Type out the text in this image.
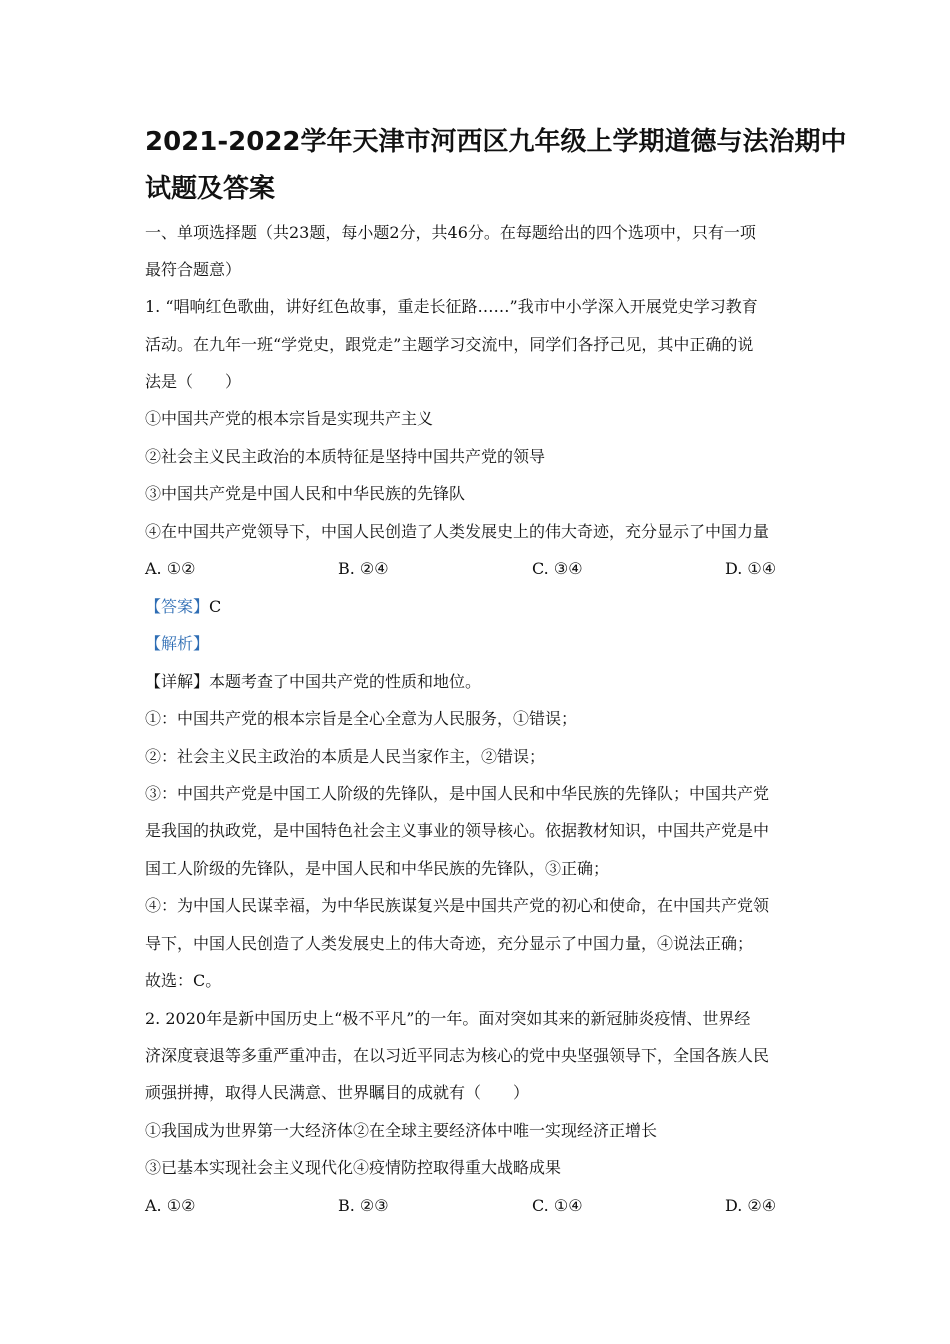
2021-2022学年天津市河西区九年级上学期道德与法治期中
试题及答案
一、单项选择题（共23题，每小题2分，共46分。在每题给出的四个选项中，只有一项
最符合题意）
1. “唱响红色歌曲，讲好红色故事，重走长征路……”我市中小学深入开展党史学习教育
活动。在九年一班“学党史，跟党走”主题学习交流中，同学们各抒己见，其中正确的说
法是（　　）
①中国共产党的根本宗旨是实现共产主义
②社会主义民主政治的本质特征是坚持中国共产党的领导
③中国共产党是中国人民和中华民族的先锋队
④在中国共产党领导下，中国人民创造了人类发展史上的伟大奇迹，充分显示了中国力量
A. ①②	B. ②④	C. ③④	D. ①④
【答案】C
【解析】
【详解】本题考查了中国共产党的性质和地位。
①：中国共产党的根本宗旨是全心全意为人民服务，①错误；
②：社会主义民主政治的本质是人民当家作主，②错误；
③：中国共产党是中国工人阶级的先锋队，是中国人民和中华民族的先锋队；中国共产党
是我国的执政党，是中国特色社会主义事业的领导核心。依据教材知识，中国共产党是中
国工人阶级的先锋队，是中国人民和中华民族的先锋队，③正确；
④：为中国人民谋幸福，为中华民族谋复兴是中国共产党的初心和使命，在中国共产党领
导下，中国人民创造了人类发展史上的伟大奇迹，充分显示了中国力量，④说法正确；
故选：C。
2. 2020年是新中国历史上“极不平凡”的一年。面对突如其来的新冠肺炎疫情、世界经
济深度衰退等多重严重冲击，在以习近平同志为核心的党中央坚强领导下，全国各族人民
顽强拼搏，取得人民满意、世界瞩目的成就有（　　）
①我国成为世界第一大经济体②在全球主要经济体中唯一实现经济正增长
③已基本实现社会主义现代化④疫情防控取得重大战略成果
A. ①②	B. ②③	C. ①④	D. ②④
